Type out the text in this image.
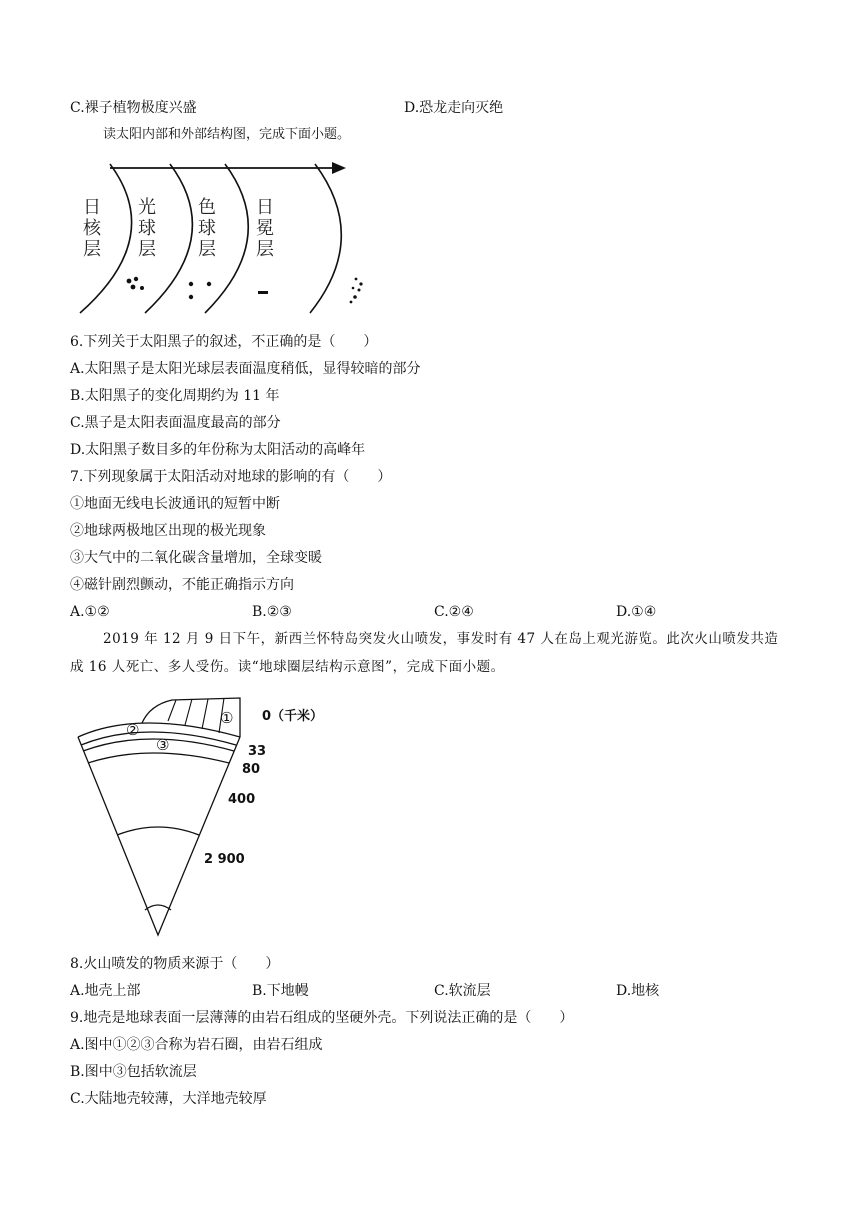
C.裸子植物极度兴盛	D.恐龙走向灭绝
读太阳内部和外部结构图，完成下面小题。
日
核
层
光
球
层
色
球
层
日
冕
层
6.下列关于太阳黑子的叙述，不正确的是（　　）
A.太阳黑子是太阳光球层表面温度稍低，显得较暗的部分
B.太阳黑子的变化周期约为 11 年
C.黑子是太阳表面温度最高的部分
D.太阳黑子数目多的年份称为太阳活动的高峰年
7.下列现象属于太阳活动对地球的影响的有（　　）
①地面无线电长波通讯的短暂中断
②地球两极地区出现的极光现象
③大气中的二氧化碳含量增加，全球变暖
④磁针剧烈颤动，不能正确指示方向
A.①②	B.②③	C.②④	D.①④
2019 年 12 月 9 日下午，新西兰怀特岛突发火山喷发，事发时有 47 人在岛上观光游览。此次火山喷发共造成 16 人死亡、多人受伤。读“地球圈层结构示意图”，完成下面小题。
①
②
③
0（千米）
33
80
400
2 900
8.火山喷发的物质来源于（　　）
A.地壳上部	B.下地幔	C.软流层	D.地核
9.地壳是地球表面一层薄薄的由岩石组成的坚硬外壳。下列说法正确的是（　　）
A.图中①②③合称为岩石圈，由岩石组成
B.图中③包括软流层
C.大陆地壳较薄，大洋地壳较厚
